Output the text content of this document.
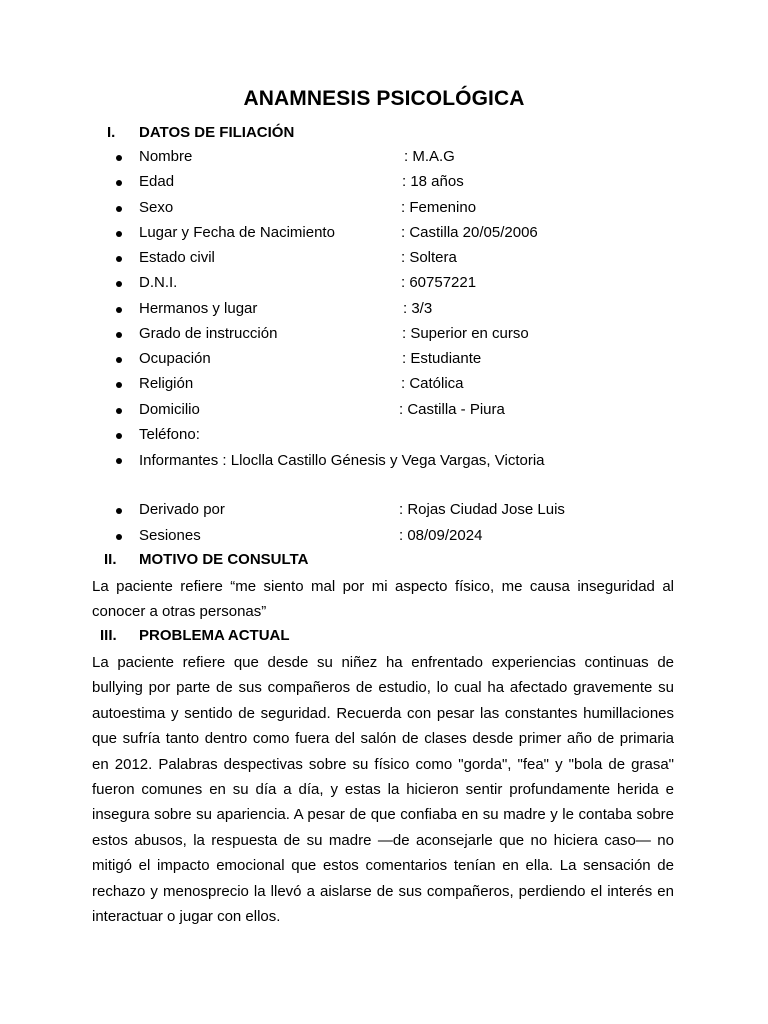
ANAMNESIS PSICOLÓGICA
I. DATOS DE FILIACIÓN
Nombre	: M.A.G
Edad	: 18 años
Sexo	: Femenino
Lugar y Fecha de Nacimiento	: Castilla 20/05/2006
Estado civil	: Soltera
D.N.I.	: 60757221
Hermanos y lugar	: 3/3
Grado de instrucción	: Superior en curso
Ocupación	: Estudiante
Religión	: Católica
Domicilio	: Castilla - Piura
Teléfono:
Informantes : Lloclla Castillo Génesis y Vega Vargas, Victoria
Derivado por	: Rojas Ciudad Jose Luis
Sesiones	: 08/09/2024
II. MOTIVO DE CONSULTA

La paciente refiere “me siento mal por mi aspecto físico, me causa inseguridad al conocer a otras personas”

III. PROBLEMA ACTUAL

La paciente refiere que desde su niñez ha enfrentado experiencias continuas de bullying por parte de sus compañeros de estudio, lo cual ha afectado gravemente su autoestima y sentido de seguridad. Recuerda con pesar las constantes humillaciones que sufría tanto dentro como fuera del salón de clases desde primer año de primaria en 2012. Palabras despectivas sobre su físico como "gorda", "fea" y "bola de grasa" fueron comunes en su día a día, y estas la hicieron sentir profundamente herida e insegura sobre su apariencia. A pesar de que confiaba en su madre y le contaba sobre estos abusos, la respuesta de su madre —de aconsejarle que no hiciera caso— no mitigó el impacto emocional que estos comentarios tenían en ella. La sensación de rechazo y menosprecio la llevó a aislarse de sus compañeros, perdiendo el interés en interactuar o jugar con ellos.
